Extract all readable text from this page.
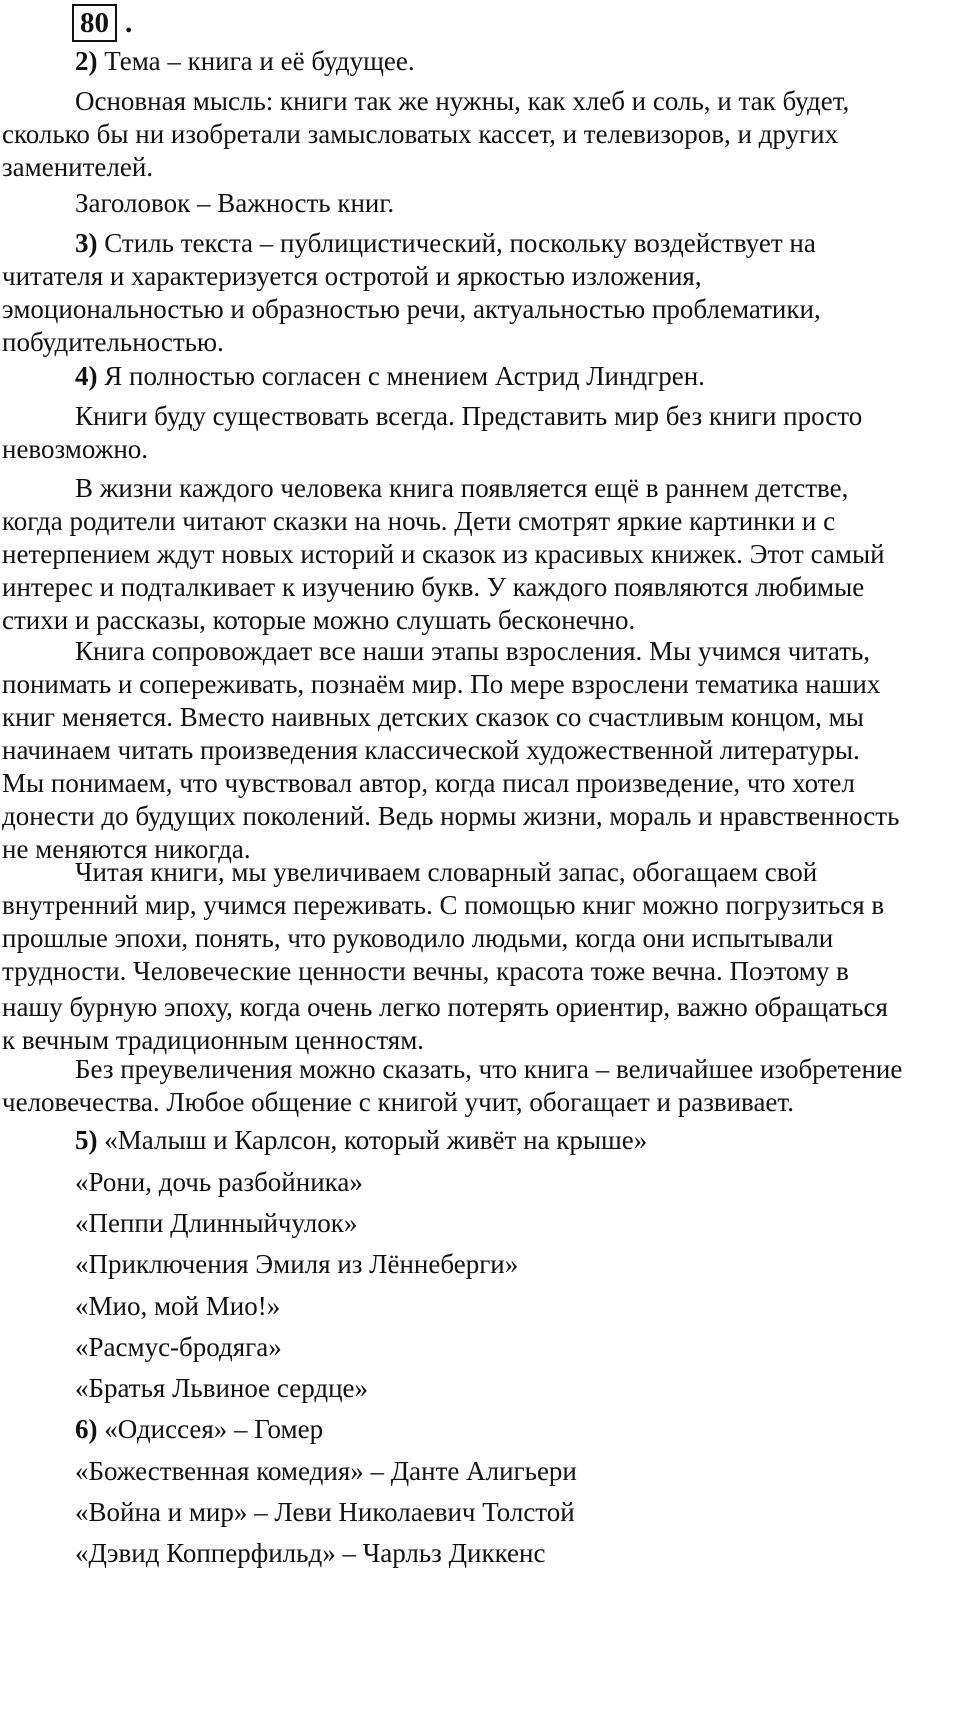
80 .

2) Тема – книга и её будущее.

Основная мысль: книги так же нужны, как хлеб и соль, и так будет,
сколько бы ни изобретали замысловатых кассет, и телевизоров, и других
заменителей.

Заголовок – Важность книг.

3) Стиль текста – публицистический, поскольку воздействует на
читателя и характеризуется остротой и яркостью изложения,
эмоциональностью и образностью речи, актуальностью проблематики,
побудительностью.

4) Я полностью согласен с мнением Астрид Линдгрен.

Книги буду существовать всегда. Представить мир без книги просто
невозможно.
В жизни каждого человека книга появляется ещё в раннем детстве,
когда родители читают сказки на ночь. Дети смотрят яркие картинки и с
нетерпением ждут новых историй и сказок из красивых книжек. Этот самый
интерес и подталкивает к изучению букв. У каждого появляются любимые
стихи и рассказы, которые можно слушать бесконечно.
Книга сопровождает все наши этапы взросления. Мы учимся читать,
понимать и сопереживать, познаём мир. По мере взрослени тематика наших
книг меняется. Вместо наивных детских сказок со счастливым концом, мы
начинаем читать произведения классической художественной литературы.
Мы понимаем, что чувствовал автор, когда писал произведение, что хотел
донести до будущих поколений. Ведь нормы жизни, мораль и нравственность
не меняются никогда.
Читая книги, мы увеличиваем словарный запас, обогащаем свой
внутренний мир, учимся переживать. С помощью книг можно погрузиться в
прошлые эпохи, понять, что руководило людьми, когда они испытывали
трудности. Человеческие ценности вечны, красота тоже вечна. Поэтому в
нашу бурную эпоху, когда очень легко потерять ориентир, важно обращаться
к вечным традиционным ценностям.
Без преувеличения можно сказать, что книга – величайшее изобретение
человечества. Любое общение с книгой учит, обогащает и развивает.

5) «Малыш и Карлсон, который живёт на крыше»

«Рони, дочь разбойника»

«Пеппи Длинныйчулок»

«Приключения Эмиля из Лённеберги»

«Мио, мой Мио!»

«Расмус-бродяга»

«Братья Львиное сердце»

6) «Одиссея» – Гомер

«Божественная комедия» – Данте Алигьери

«Война и мир» – Леви Николаевич Толстой

«Дэвид Копперфильд» – Чарльз Диккенс
